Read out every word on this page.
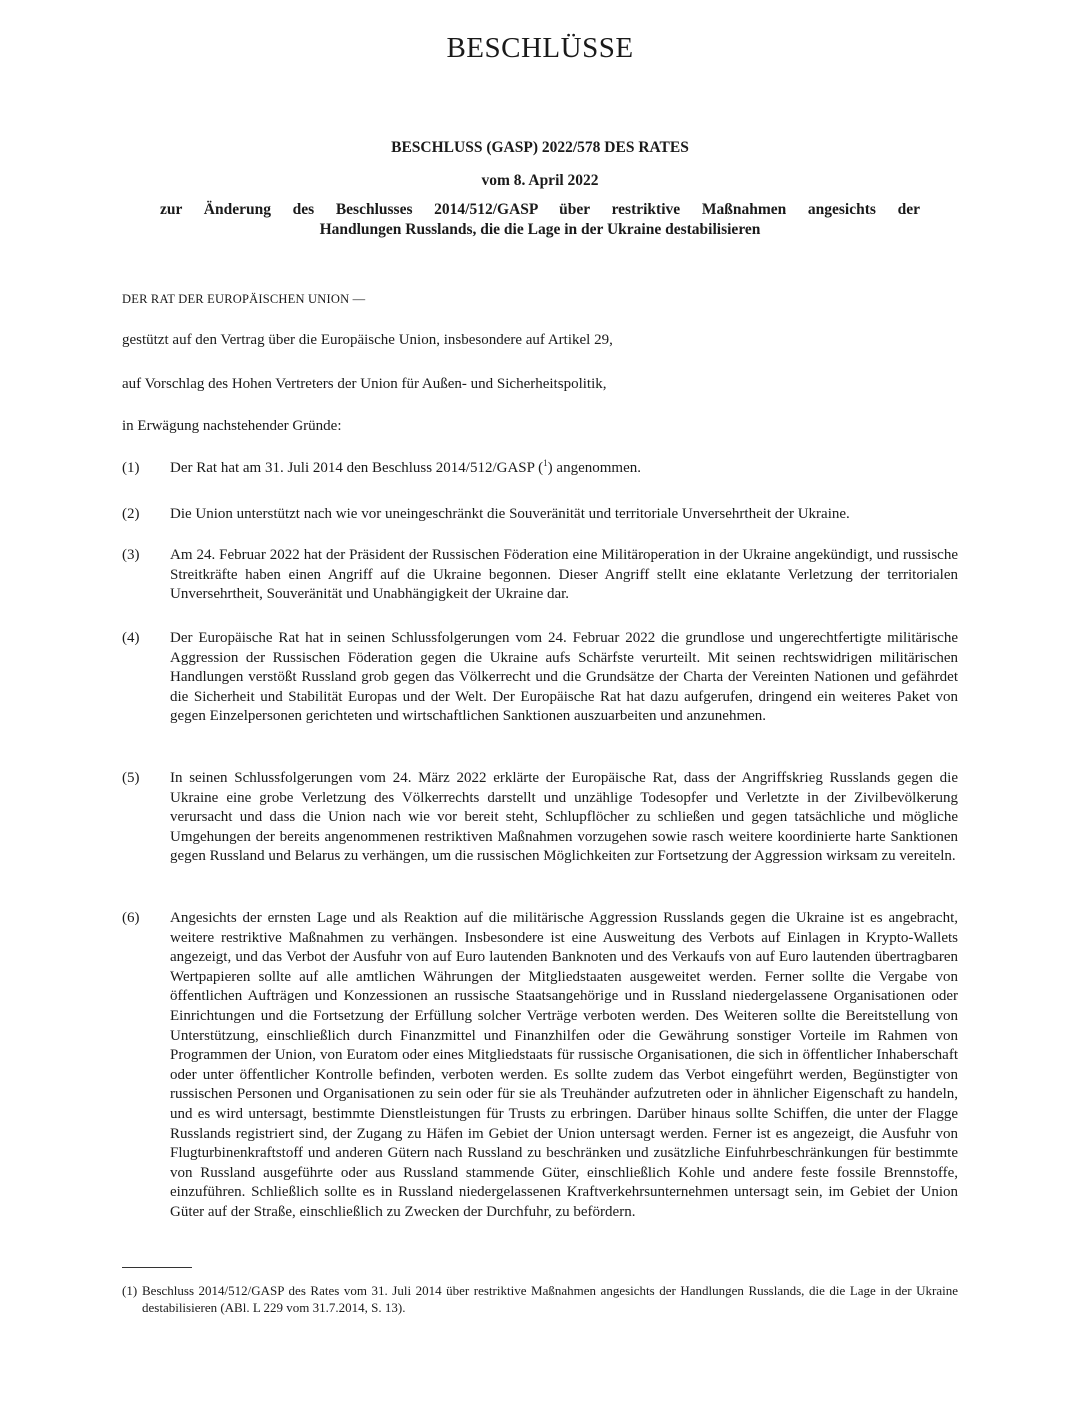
BESCHLÜSSE
BESCHLUSS (GASP) 2022/578 DES RATES
vom 8. April 2022
zur Änderung des Beschlusses 2014/512/GASP über restriktive Maßnahmen angesichts der
Handlungen Russlands, die die Lage in der Ukraine destabilisieren
DER RAT DER EUROPÄISCHEN UNION —
gestützt auf den Vertrag über die Europäische Union, insbesondere auf Artikel 29,
auf Vorschlag des Hohen Vertreters der Union für Außen- und Sicherheitspolitik,
in Erwägung nachstehender Gründe:
(1)	Der Rat hat am 31. Juli 2014 den Beschluss 2014/512/GASP ($^1$) angenommen.
(2)	Die Union unterstützt nach wie vor uneingeschränkt die Souveränität und territoriale Unversehrtheit der Ukraine.
(3)	Am 24. Februar 2022 hat der Präsident der Russischen Föderation eine Militäroperation in der Ukraine angekündigt, und russische Streitkräfte haben einen Angriff auf die Ukraine begonnen. Dieser Angriff stellt eine eklatante Verletzung der territorialen Unversehrtheit, Souveränität und Unabhängigkeit der Ukraine dar.
(4)	Der Europäische Rat hat in seinen Schlussfolgerungen vom 24. Februar 2022 die grundlose und ungerechtfertigte militärische Aggression der Russischen Föderation gegen die Ukraine aufs Schärfste verurteilt. Mit seinen rechtswidrigen militärischen Handlungen verstößt Russland grob gegen das Völkerrecht und die Grundsätze der Charta der Vereinten Nationen und gefährdet die Sicherheit und Stabilität Europas und der Welt. Der Europäische Rat hat dazu aufgerufen, dringend ein weiteres Paket von gegen Einzelpersonen gerichteten und wirtschaftlichen Sanktionen auszuarbeiten und anzunehmen.
(5)	In seinen Schlussfolgerungen vom 24. März 2022 erklärte der Europäische Rat, dass der Angriffskrieg Russlands gegen die Ukraine eine grobe Verletzung des Völkerrechts darstellt und unzählige Todesopfer und Verletzte in der Zivilbevölkerung verursacht und dass die Union nach wie vor bereit steht, Schlupflöcher zu schließen und gegen tatsächliche und mögliche Umgehungen der bereits angenommenen restriktiven Maßnahmen vorzugehen sowie rasch weitere koordinierte harte Sanktionen gegen Russland und Belarus zu verhängen, um die russischen Möglichkeiten zur Fortsetzung der Aggression wirksam zu vereiteln.
(6)	Angesichts der ernsten Lage und als Reaktion auf die militärische Aggression Russlands gegen die Ukraine ist es angebracht, weitere restriktive Maßnahmen zu verhängen. Insbesondere ist eine Ausweitung des Verbots auf Einlagen in Krypto-Wallets angezeigt, und das Verbot der Ausfuhr von auf Euro lautenden Banknoten und des Verkaufs von auf Euro lautenden übertragbaren Wertpapieren sollte auf alle amtlichen Währungen der Mitgliedstaaten ausgeweitet werden. Ferner sollte die Vergabe von öffentlichen Aufträgen und Konzessionen an russische Staatsangehörige und in Russland niedergelassene Organisationen oder Einrichtungen und die Fortsetzung der Erfüllung solcher Verträge verboten werden. Des Weiteren sollte die Bereitstellung von Unterstützung, einschließlich durch Finanzmittel und Finanzhilfen oder die Gewährung sonstiger Vorteile im Rahmen von Programmen der Union, von Euratom oder eines Mitgliedstaats für russische Organisationen, die sich in öffentlicher Inhaberschaft oder unter öffentlicher Kontrolle befinden, verboten werden. Es sollte zudem das Verbot eingeführt werden, Begünstigter von russischen Personen und Organisationen zu sein oder für sie als Treuhänder aufzutreten oder in ähnlicher Eigenschaft zu handeln, und es wird untersagt, bestimmte Dienstleistungen für Trusts zu erbringen. Darüber hinaus sollte Schiffen, die unter der Flagge Russlands registriert sind, der Zugang zu Häfen im Gebiet der Union untersagt werden. Ferner ist es angezeigt, die Ausfuhr von Flugturbinenkraftstoff und anderen Gütern nach Russland zu beschränken und zusätzliche Einfuhrbeschränkungen für bestimmte von Russland ausgeführte oder aus Russland stammende Güter, einschließlich Kohle und andere feste fossile Brennstoffe, einzuführen. Schließlich sollte es in Russland niedergelassenen Kraftverkehrsunternehmen untersagt sein, im Gebiet der Union Güter auf der Straße, einschließlich zu Zwecken der Durchfuhr, zu befördern.
(1) Beschluss 2014/512/GASP des Rates vom 31. Juli 2014 über restriktive Maßnahmen angesichts der Handlungen Russlands, die die Lage in der Ukraine destabilisieren (ABl. L 229 vom 31.7.2014, S. 13).
